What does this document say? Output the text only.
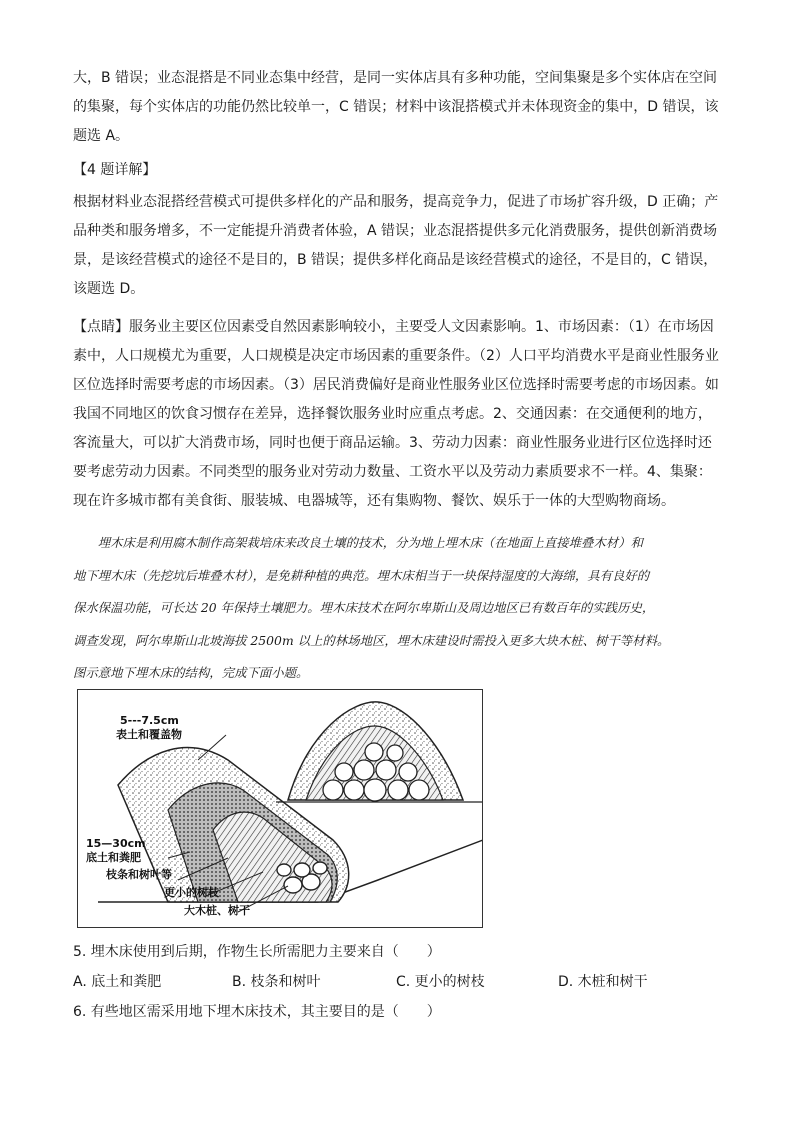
大，B 错误；业态混搭是不同业态集中经营，是同一实体店具有多种功能，空间集聚是多个实体店在空间
的集聚，每个实体店的功能仍然比较单一，C 错误；材料中该混搭模式并未体现资金的集中，D 错误，该
题选 A。

【4 题详解】

根据材料业态混搭经营模式可提供多样化的产品和服务，提高竞争力，促进了市场扩容升级，D 正确；产
品种类和服务增多，不一定能提升消费者体验，A 错误；业态混搭提供多元化消费服务，提供创新消费场
景，是该经营模式的途径不是目的，B 错误；提供多样化商品是该经营模式的途径，不是目的，C 错误，
该题选 D。

【点睛】服务业主要区位因素受自然因素影响较小，主要受人文因素影响。1、市场因素：（1）在市场因
素中，人口规模尤为重要，人口规模是决定市场因素的重要条件。（2）人口平均消费水平是商业性服务业
区位选择时需要考虑的市场因素。（3）居民消费偏好是商业性服务业区位选择时需要考虑的市场因素。如
我国不同地区的饮食习惯存在差异，选择餐饮服务业时应重点考虑。2、交通因素：在交通便利的地方，
客流量大，可以扩大消费市场，同时也便于商品运输。3、劳动力因素：商业性服务业进行区位选择时还
要考虑劳动力因素。不同类型的服务业对劳动力数量、工资水平以及劳动力素质要求不一样。4、集聚：
现在许多城市都有美食街、服装城、电器城等，还有集购物、餐饮、娱乐于一体的大型购物商场。

　　埋木床是利用腐木制作高架栽培床来改良土壤的技术，分为地上埋木床（在地面上直接堆叠木材）和
地下埋木床（先挖坑后堆叠木材），是免耕种植的典范。埋木床相当于一块保持湿度的大海绵，具有良好的
保水保温功能，可长达 20 年保持土壤肥力。埋木床技术在阿尔卑斯山及周边地区已有数百年的实践历史，
调查发现，阿尔卑斯山北坡海拔 2500m 以上的林场地区，埋木床建设时需投入更多大块木桩、树干等材料。
图示意地下埋木床的结构，完成下面小题。

5---7.5cm
表土和覆盖物
15—30cm
底土和粪肥
枝条和树叶等
更小的树枝
大木桩、树干
5. 埋木床使用到后期，作物生长所需肥力主要来自（　　）
A. 底土和粪肥	B. 枝条和树叶	C. 更小的树枝	D. 木桩和树干
6. 有些地区需采用地下埋木床技术，其主要目的是（　　）
